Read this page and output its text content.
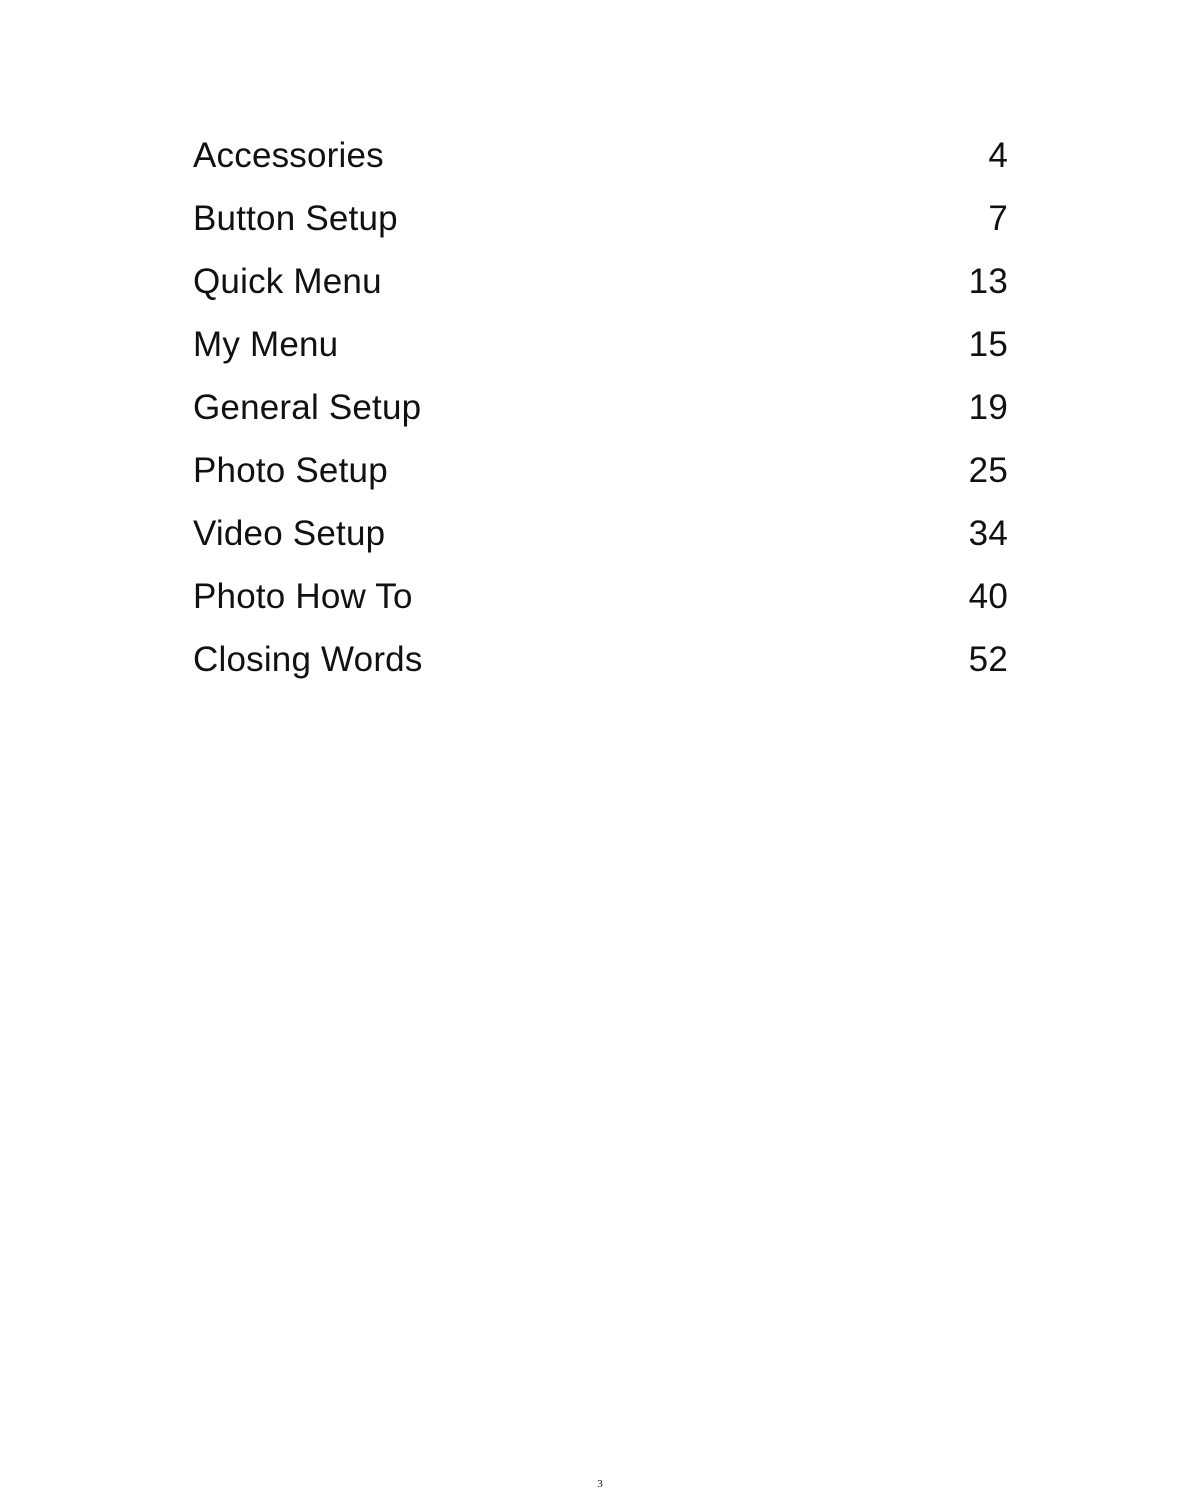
Accessories	4
Button Setup	7
Quick Menu	13
My Menu	15
General Setup	19
Photo Setup	25
Video Setup	34
Photo How To	40
Closing Words	52
3
